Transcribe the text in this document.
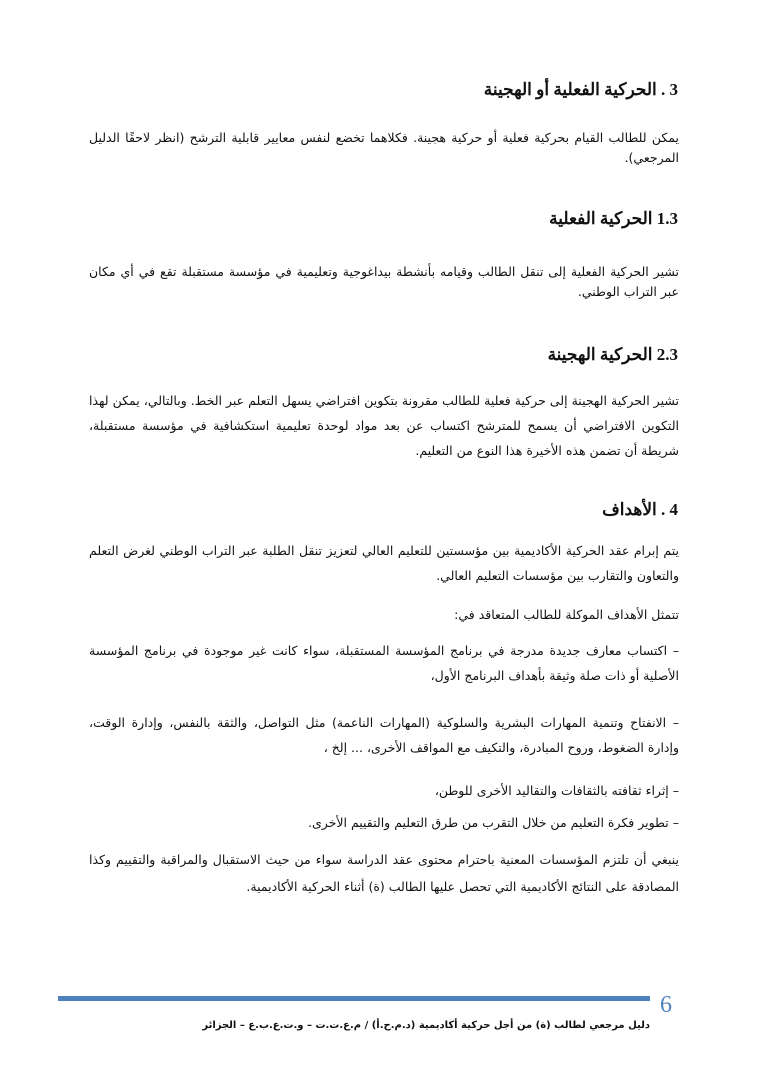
3 . الحركية الفعلية أو الهجينة

يمكن للطالب القيام بحركية فعلية أو حركية هجينة. فكلاهما تخضع لنفس معايير قابلية الترشح (انظر لاحقًا الدليل المرجعي).

1.3 الحركية الفعلية

تشير الحركية الفعلية إلى تنقل الطالب وقيامه بأنشطة بيداغوجية وتعليمية في مؤسسة مستقبلة تقع في أي مكان عبر التراب الوطني.

2.3 الحركية الهجينة

تشير الحركية الهجينة إلى حركية فعلية للطالب مقرونة بتكوين افتراضي يسهل التعلم عبر الخط. وبالتالي، يمكن لهذا التكوين الافتراضي أن يسمح للمترشح اكتساب عن بعد مواد لوحدة تعليمية استكشافية في مؤسسة مستقبلة، شريطة أن تضمن هذه الأخيرة هذا النوع من التعليم.

4 . الأهداف

يتم إبرام عقد الحركية الأكاديمية بين مؤسستين للتعليم العالي لتعزيز تنقل الطلبة عبر التراب الوطني لغرض التعلم والتعاون والتقارب بين مؤسسات التعليم العالي.

تتمثل الأهداف الموكلة للطالب المتعاقد في:

– اكتساب معارف جديدة مدرجة في برنامج المؤسسة المستقبلة، سواء كانت غير موجودة في برنامج المؤسسة الأصلية أو ذات صلة وثيقة بأهداف البرنامج الأول،

– الانفتاح وتنمية المهارات البشرية والسلوكية (المهارات الناعمة) مثل التواصل، والثقة بالنفس، وإدارة الوقت، وإدارة الضغوط، وروح المبادرة، والتكيف مع المواقف الأخرى، ... إلخ ،

– إثراء ثقافته بالثقافات والتقاليد الأخرى للوطن،
– تطوير فكرة التعليم من خلال التقرب من طرق التعليم والتقييم الأخرى.

ينبغي أن تلتزم المؤسسات المعنية باحترام محتوى عقد الدراسة سواء من حيث الاستقبال والمراقبة والتقييم وكذا المصادقة على النتائج الأكاديمية التي تحصل عليها الطالب (ة) أثناء الحركية الأكاديمية.

6
دليل مرجعي لطالب (ة) من أجل حركية أكاديمية (د.م.ح.أ) / م.ع.ت.ت – و.ت.ع.ب.ع – الجزائر
